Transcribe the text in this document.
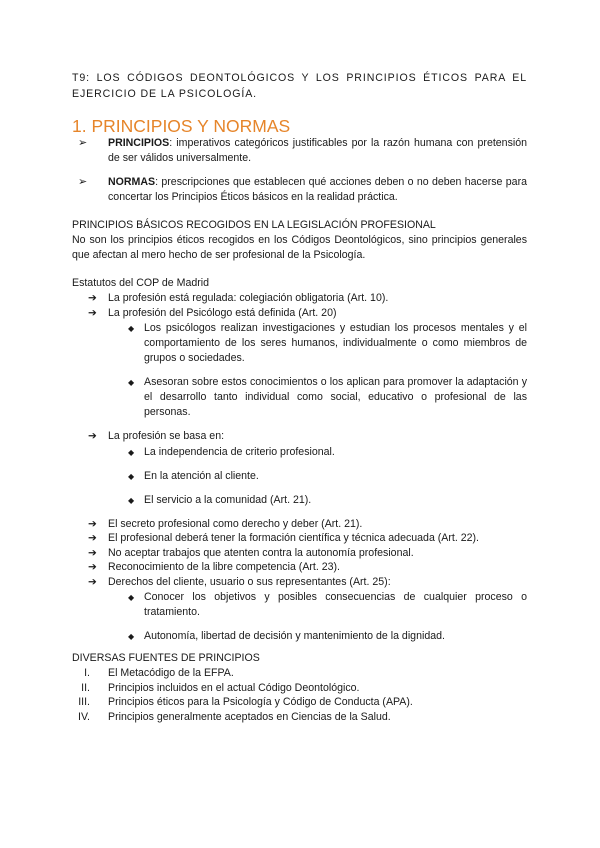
T9: LOS CÓDIGOS DEONTOLÓGICOS Y LOS PRINCIPIOS ÉTICOS PARA EL EJERCICIO DE LA PSICOLOGÍA.
1. PRINCIPIOS Y NORMAS
➢ PRINCIPIOS: imperativos categóricos justificables por la razón humana con pretensión de ser válidos universalmente.
➢ NORMAS: prescripciones que establecen qué acciones deben o no deben hacerse para concertar los Principios Éticos básicos en la realidad práctica.
PRINCIPIOS BÁSICOS RECOGIDOS EN LA LEGISLACIÓN PROFESIONAL
No son los principios éticos recogidos en los Códigos Deontológicos, sino principios generales que afectan al mero hecho de ser profesional de la Psicología.
Estatutos del COP de Madrid
➔ La profesión está regulada: colegiación obligatoria (Art. 10).
➔ La profesión del Psicólogo está definida (Art. 20)
◆ Los psicólogos realizan investigaciones y estudian los procesos mentales y el comportamiento de los seres humanos, individualmente o como miembros de grupos o sociedades.
◆ Asesoran sobre estos conocimientos o los aplican para promover la adaptación y el desarrollo tanto individual como social, educativo o profesional de las personas.
➔ La profesión se basa en:
◆ La independencia de criterio profesional.
◆ En la atención al cliente.
◆ El servicio a la comunidad (Art. 21).
➔ El secreto profesional como derecho y deber (Art. 21).
➔ El profesional deberá tener la formación científica y técnica adecuada (Art. 22).
➔ No aceptar trabajos que atenten contra la autonomía profesional.
➔ Reconocimiento de la libre competencia (Art. 23).
➔ Derechos del cliente, usuario o sus representantes (Art. 25):
◆ Conocer los objetivos y posibles consecuencias de cualquier proceso o tratamiento.
◆ Autonomía, libertad de decisión y mantenimiento de la dignidad.
DIVERSAS FUENTES DE PRINCIPIOS
I. El Metacódigo de la EFPA.
II. Principios incluidos en el actual Código Deontológico.
III. Principios éticos para la Psicología y Código de Conducta (APA).
IV. Principios generalmente aceptados en Ciencias de la Salud.
